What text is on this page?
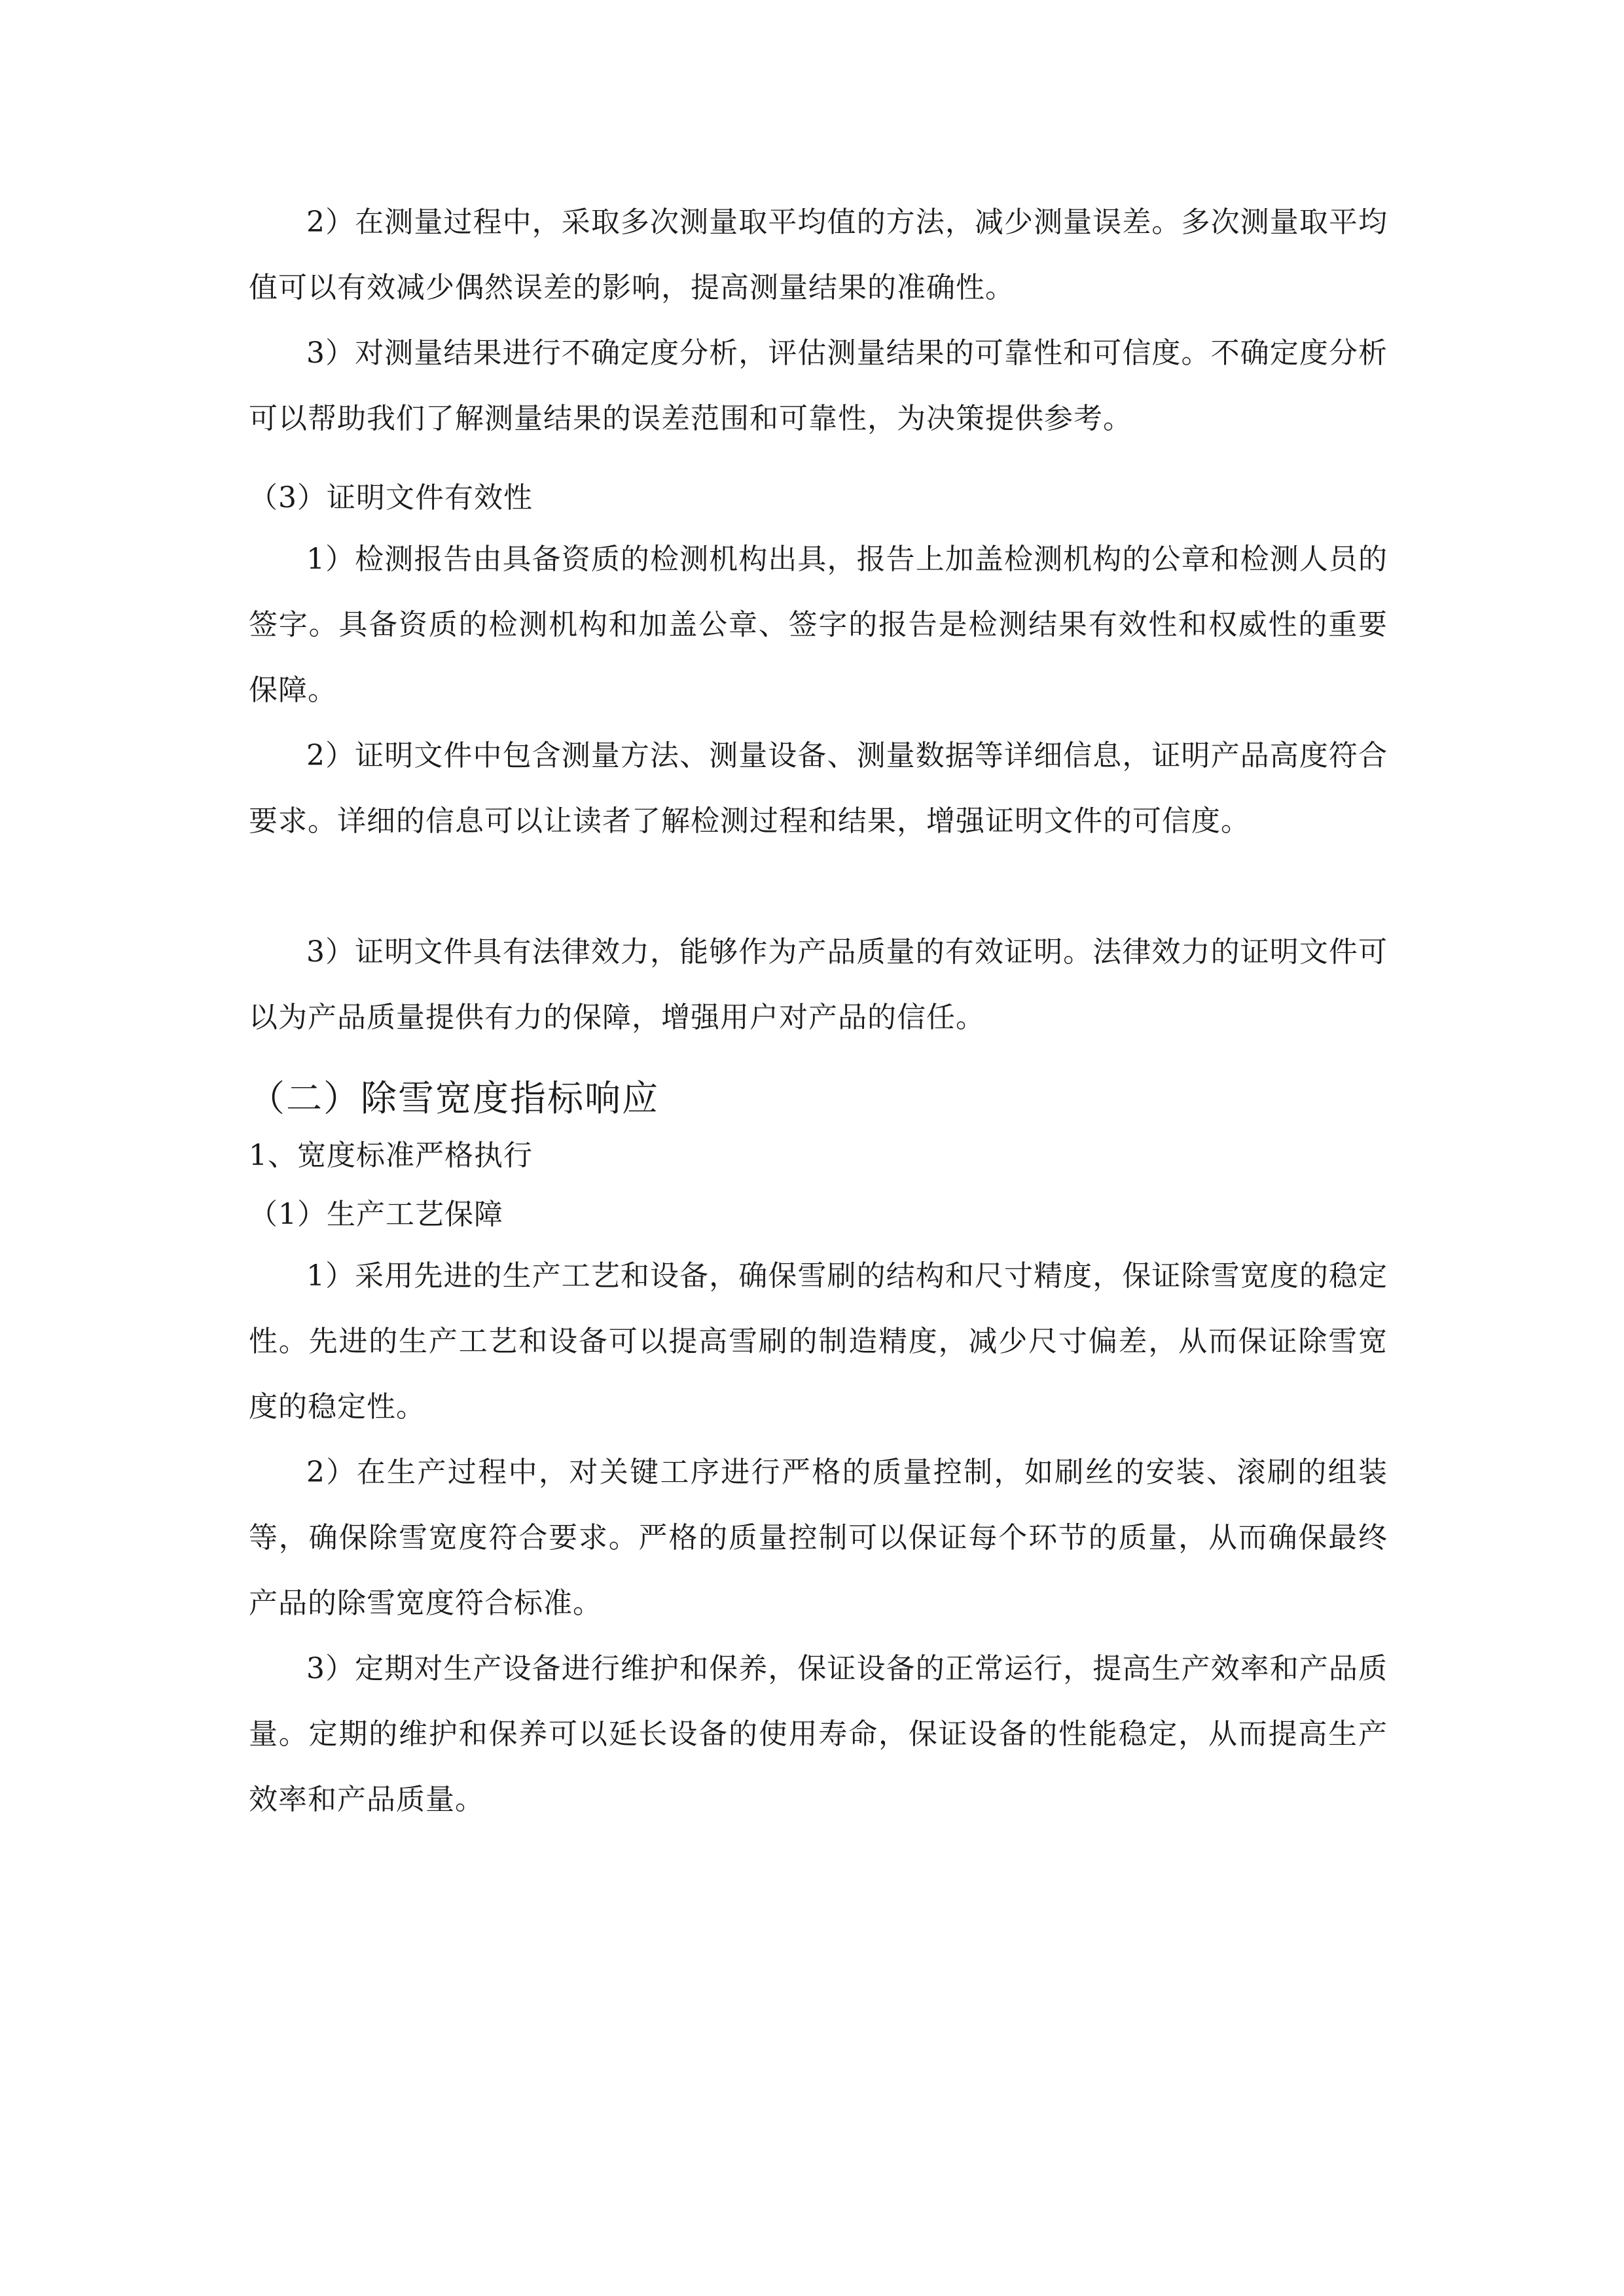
2）在测量过程中，采取多次测量取平均值的方法，减少测量误差。多次测量取平均值可以有效减少偶然误差的影响，提高测量结果的准确性。

3）对测量结果进行不确定度分析，评估测量结果的可靠性和可信度。不确定度分析可以帮助我们了解测量结果的误差范围和可靠性，为决策提供参考。

（3）证明文件有效性

1）检测报告由具备资质的检测机构出具，报告上加盖检测机构的公章和检测人员的签字。具备资质的检测机构和加盖公章、签字的报告是检测结果有效性和权威性的重要保障。

2）证明文件中包含测量方法、测量设备、测量数据等详细信息，证明产品高度符合要求。详细的信息可以让读者了解检测过程和结果，增强证明文件的可信度。

3）证明文件具有法律效力，能够作为产品质量的有效证明。法律效力的证明文件可以为产品质量提供有力的保障，增强用户对产品的信任。

（二）除雪宽度指标响应

1、宽度标准严格执行

（1）生产工艺保障

1）采用先进的生产工艺和设备，确保雪刷的结构和尺寸精度，保证除雪宽度的稳定性。先进的生产工艺和设备可以提高雪刷的制造精度，减少尺寸偏差，从而保证除雪宽度的稳定性。

2）在生产过程中，对关键工序进行严格的质量控制，如刷丝的安装、滚刷的组装等，确保除雪宽度符合要求。严格的质量控制可以保证每个环节的质量，从而确保最终产品的除雪宽度符合标准。

3）定期对生产设备进行维护和保养，保证设备的正常运行，提高生产效率和产品质量。定期的维护和保养可以延长设备的使用寿命，保证设备的性能稳定，从而提高生产效率和产品质量。
